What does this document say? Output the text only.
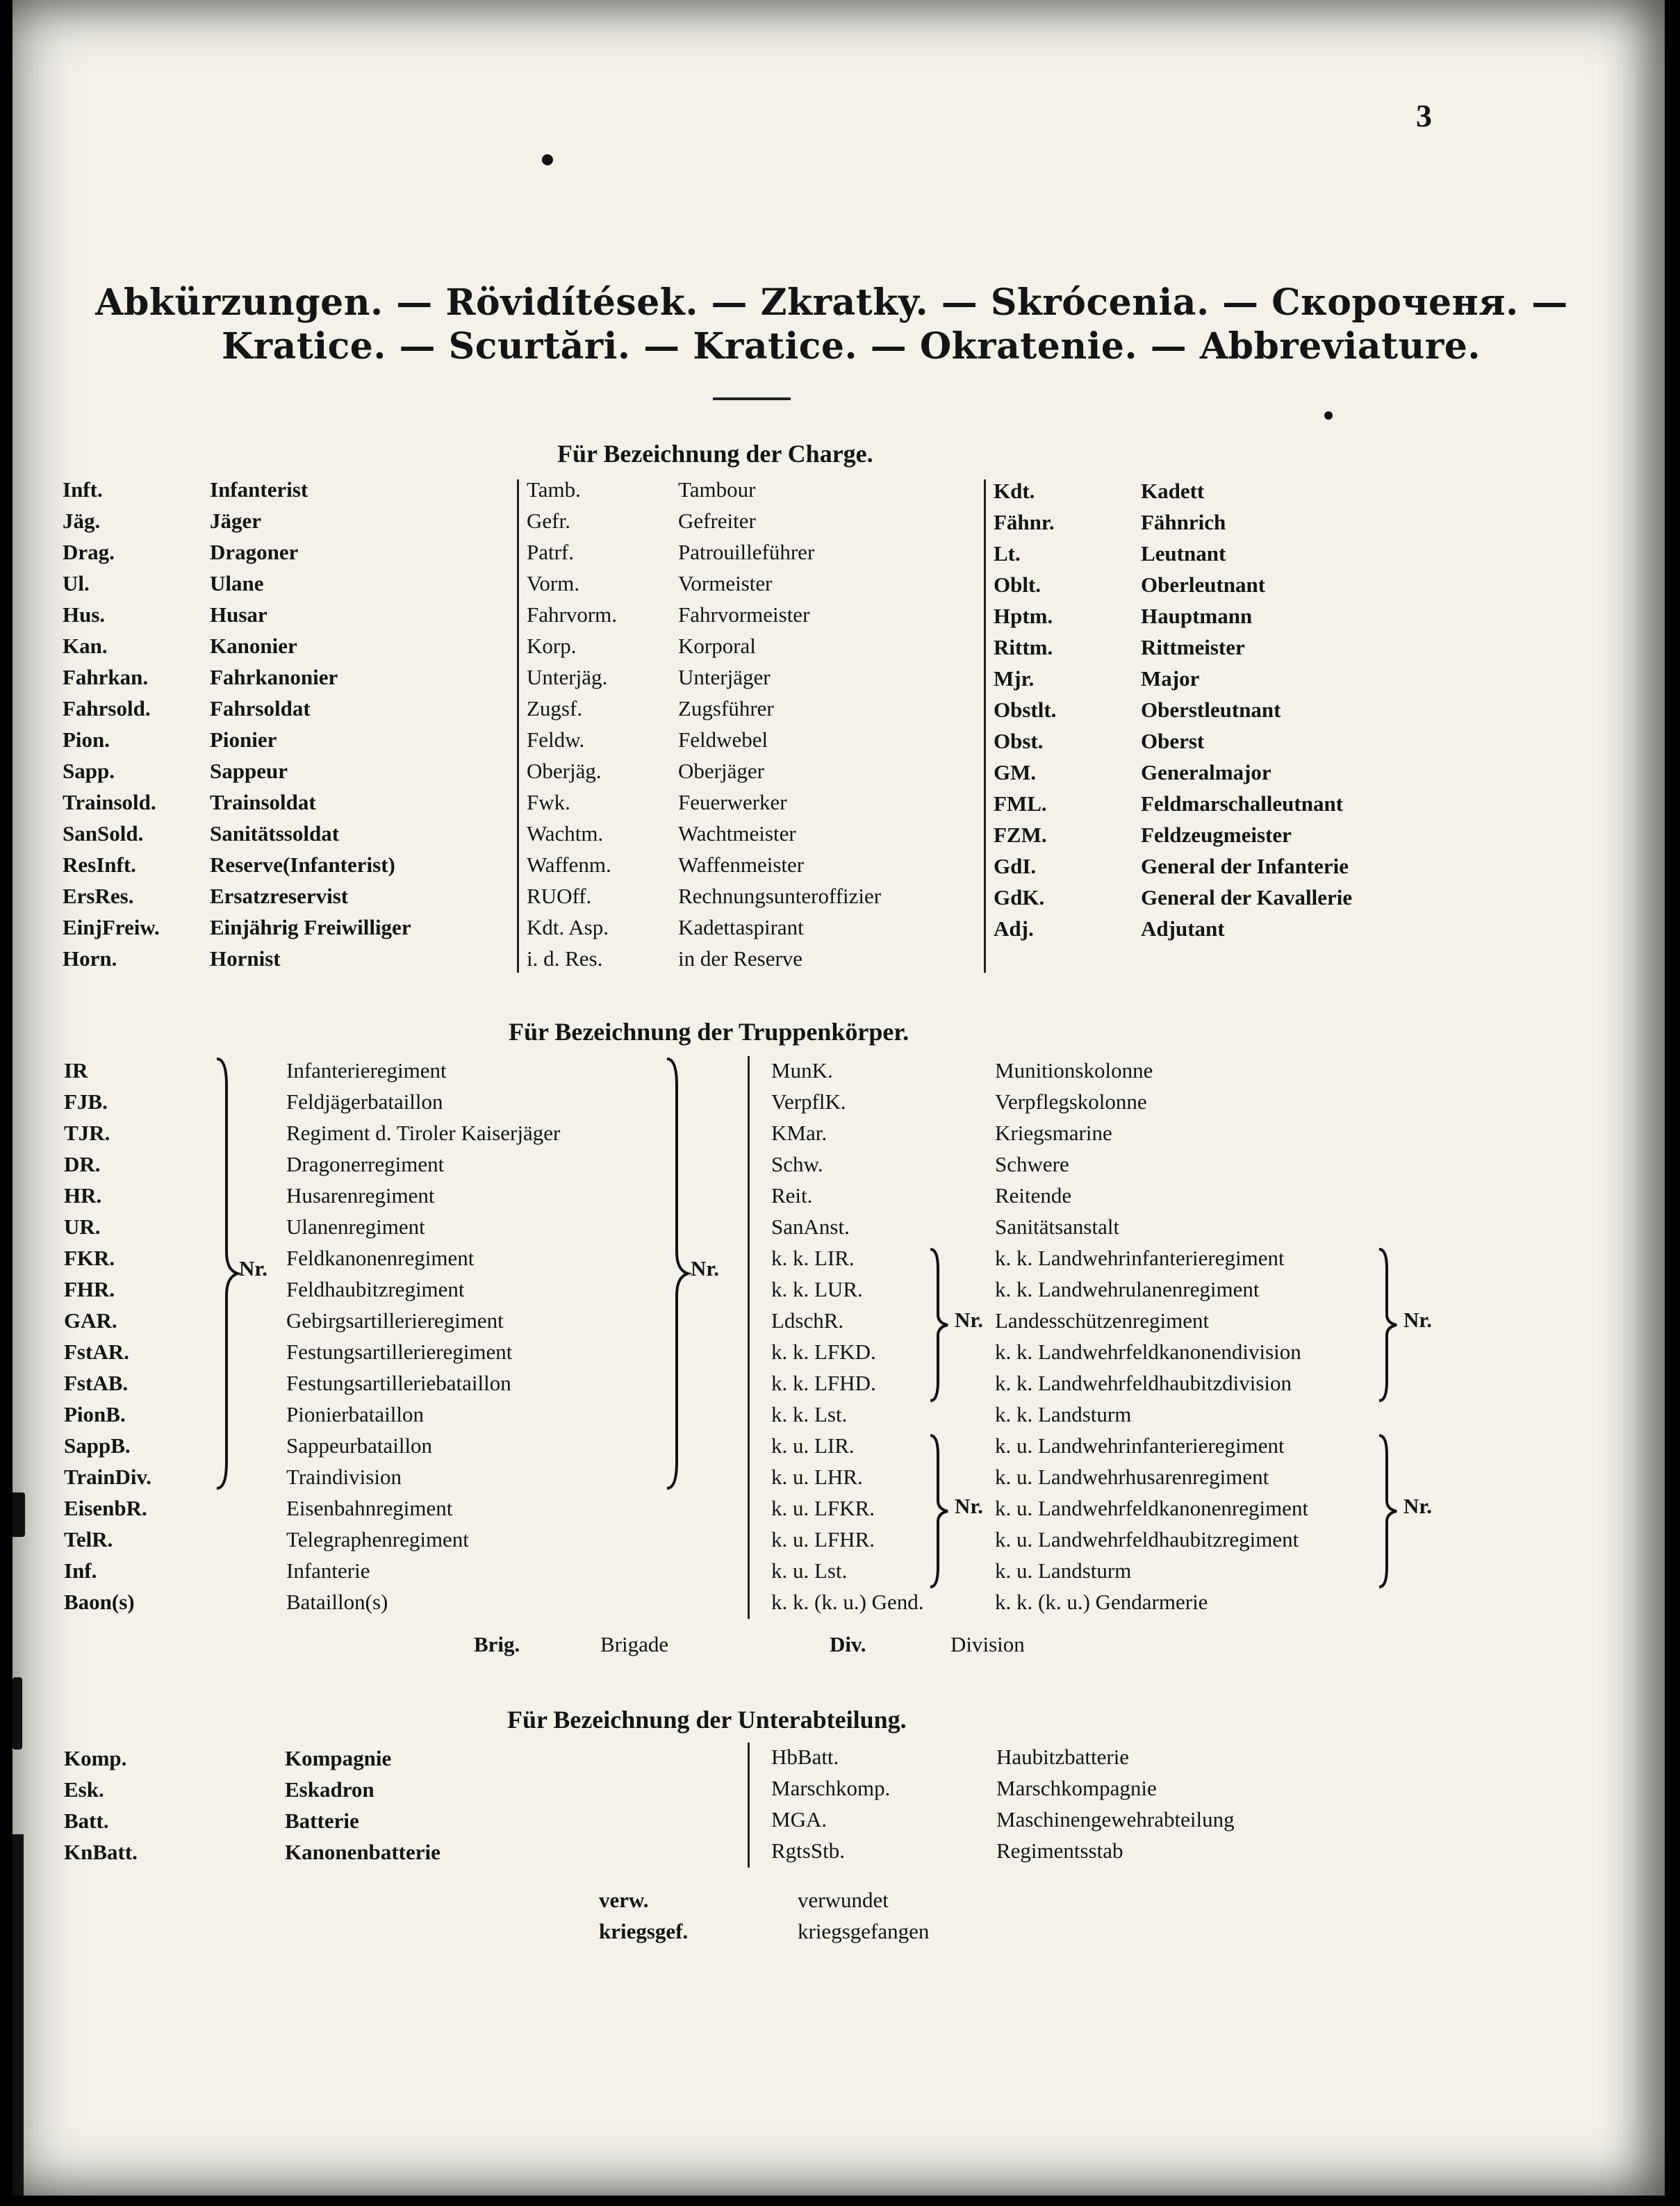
3
Abkürzungen. — Rövidítések. — Zkratky. — Skrócenia. — Скороченя. —
Kratice. — Scurtări. — Kratice. — Okratenie. — Abbreviature.
Für Bezeichnung der Charge.
Inft.	Infanterist
Jäg.	Jäger
Drag.	Dragoner
Ul.	Ulane
Hus.	Husar
Kan.	Kanonier
Fahrkan.	Fahrkanonier
Fahrsold.	Fahrsoldat
Pion.	Pionier
Sapp.	Sappeur
Trainsold. Trainsoldat
SanSold.	Sanitätssoldat
ResInft.	Reserve(Infanterist)
ErsRes.	Ersatzreservist
EinjFreiw. Einjährig Freiwilliger
Horn.	Hornist
Tamb.	Tambour
Gefr.	Gefreiter
Patrf.	Patrouilleführer
Vorm.	Vormeister
Fahrvorm.	Fahrvormeister
Korp.	Korporal
Unterjäg.	Unterjäger
Zugsf.	Zugsführer
Feldw.	Feldwebel
Oberjäg.	Oberjäger
Fwk.	Feuerwerker
Wachtm.	Wachtmeister
Waffenm.	Waffenmeister
RUOff.	Rechnungsunteroffizier
Kdt. Asp.	Kadettaspirant
i. d. Res.	in der Reserve
Kdt.	Kadett
Fähnr.	Fähnrich
Lt.	Leutnant
Oblt.	Oberleutnant
Hptm.	Hauptmann
Rittm.	Rittmeister
Mjr.	Major
Obstlt.	Oberstleutnant
Obst.	Oberst
GM.	Generalmajor
FML.	Feldmarschalleutnant
FZM.	Feldzeugmeister
GdI.	General der Infanterie
GdK.	General der Kavallerie
Adj.	Adjutant
Für Bezeichnung der Truppenkörper.
IR	Infanterieregiment
FJB.	Feldjägerbataillon
TJR.	Regiment d. Tiroler Kaiserjäger
DR.	Dragonerregiment
HR.	Husarenregiment
UR.	Ulanenregiment
FKR.	Feldkanonenregiment
FHR.	Feldhaubitzregiment
GAR.	Gebirgsartillerieregiment
FstAR.	Festungsartillerieregiment
FstAB.	Festungsartilleriebataillon
PionB.	Pionierbataillon
SappB.	Sappeurbataillon
TrainDiv.	Traindivision
EisenbR.	Eisenbahnregiment
TelR.	Telegraphenregiment
Inf.	Infanterie
Baon(s)	Bataillon(s)
MunK.	Munitionskolonne
VerpflK.	Verpflegskolonne
KMar.	Kriegsmarine
Schw.	Schwere
Reit.	Reitende
SanAnst.	Sanitätsanstalt
k. k. LIR.	k. k. Landwehrinfanterieregiment
k. k. LUR.	k. k. Landwehrulanenregiment
LdschR.	Landesschützenregiment
k. k. LFKD.	k. k. Landwehrfeldkanonendivision
k. k. LFHD.	k. k. Landwehrfeldhaubitzdivision
k. k. Lst.	k. k. Landsturm
k. u. LIR.	k. u. Landwehrinfanterieregiment
k. u. LHR.	k. u. Landwehrhusarenregiment
k. u. LFKR.	k. u. Landwehrfeldkanonenregiment
k. u. LFHR.	k. u. Landwehrfeldhaubitzregiment
k. u. Lst.	k. u. Landsturm
k. k. (k. u.) Gend.	k. k. (k. u.) Gendarmerie
Nr.	Nr.
Nr.
Nr.
Nr.
Nr.
Brig.	Brigade	Div.	Division
Für Bezeichnung der Unterabteilung.
Komp.	Kompagnie
Esk.	Eskadron
Batt.	Batterie
KnBatt.	Kanonenbatterie
HbBatt.	Haubitzbatterie
Marschkomp.	Marschkompagnie
MGA.	Maschinengewehrabteilung
RgtsStb.	Regimentsstab
verw.	verwundet
kriegsgef.	kriegsgefangen
